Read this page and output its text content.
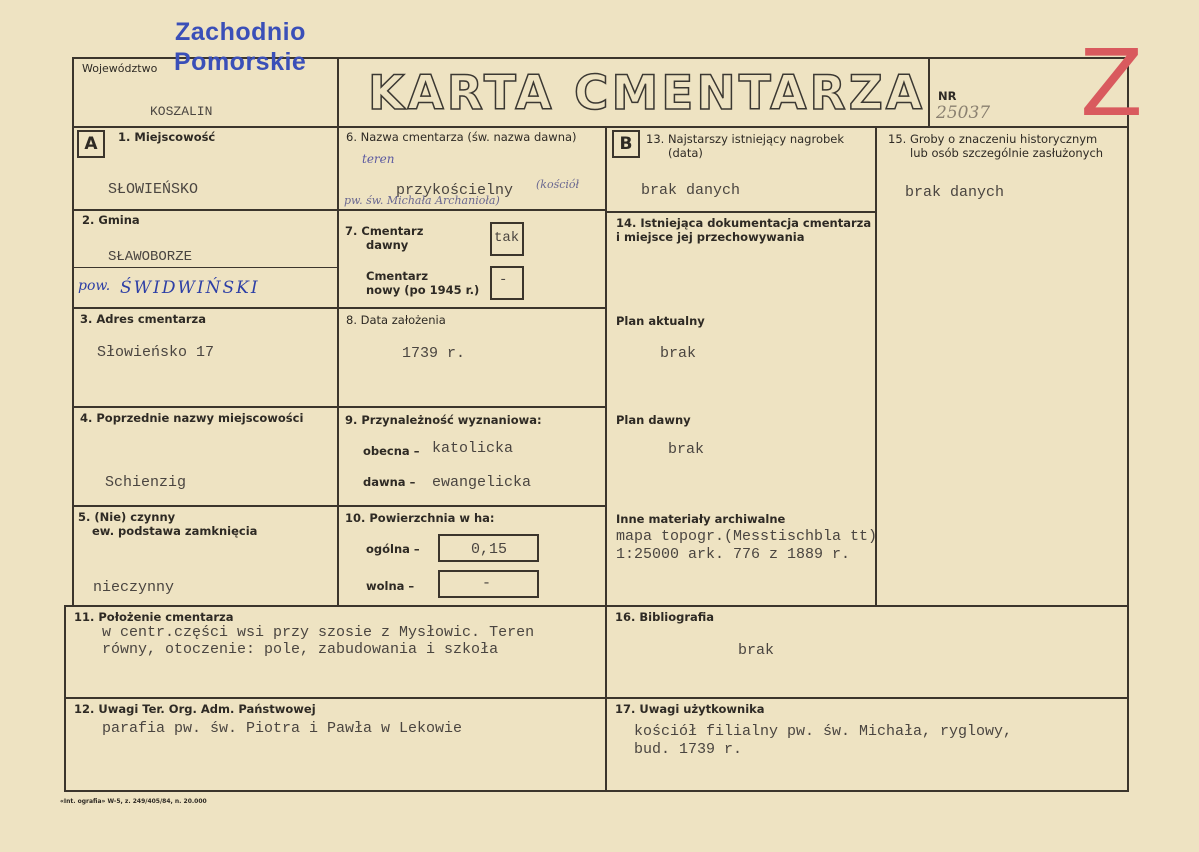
Zachodnio
Pomorskie
Województwo
KOSZALIN	KARTA CMENTARZA NR
25037 Z
A	B
1. Miejscowość
SŁOWIEŃSKO
2. Gmina
SŁAWOBORZE
pow. ŚWIDWIŃSKI
3. Adres cmentarza
Słowieńsko 17
4. Poprzednie nazwy miejscowości
Schienzig
5. (Nie) czynny
ew. podstawa zamknięcia
nieczynny
6. Nazwa cmentarza (św. nazwa dawna)
teren
przykościelny (kościół
pw. św. Michała Archanioła)
7. Cmentarz
dawny	tak
Cmentarz
nowy (po 1945 r.)
-
8. Data założenia
1739 r.
9. Przynależność wyznaniowa:
obecna – katolicka
dawna – ewangelicka
10. Powierzchnia w ha:
ogólna –	0,15
wolna –	-
11. Położenie cmentarza
w centr.części wsi przy szosie z Mysłowic. Teren
równy, otoczenie: pole, zabudowania i szkoła
12. Uwagi Ter. Org. Adm. Państwowej
parafia pw. św. Piotra i Pawła w Lekowie
13. Najstarszy istniejący nagrobek
(data)
brak danych
14. Istniejąca dokumentacja cmentarza
i miejsce jej przechowywania
Plan aktualny
brak
Plan dawny
brak
Inne materiały archiwalne
mapa topogr.(Messtischbla tt)
1:25000 ark. 776 z 1889 r.
15. Groby o znaczeniu historycznym
lub osób szczególnie zasłużonych
brak danych
16. Bibliografia
brak
17. Uwagi użytkownika
kościół filialny pw. św. Michała, ryglowy,
bud. 1739 r.
«Int. ografia» W-5, z. 249/405/84, n. 20.000
